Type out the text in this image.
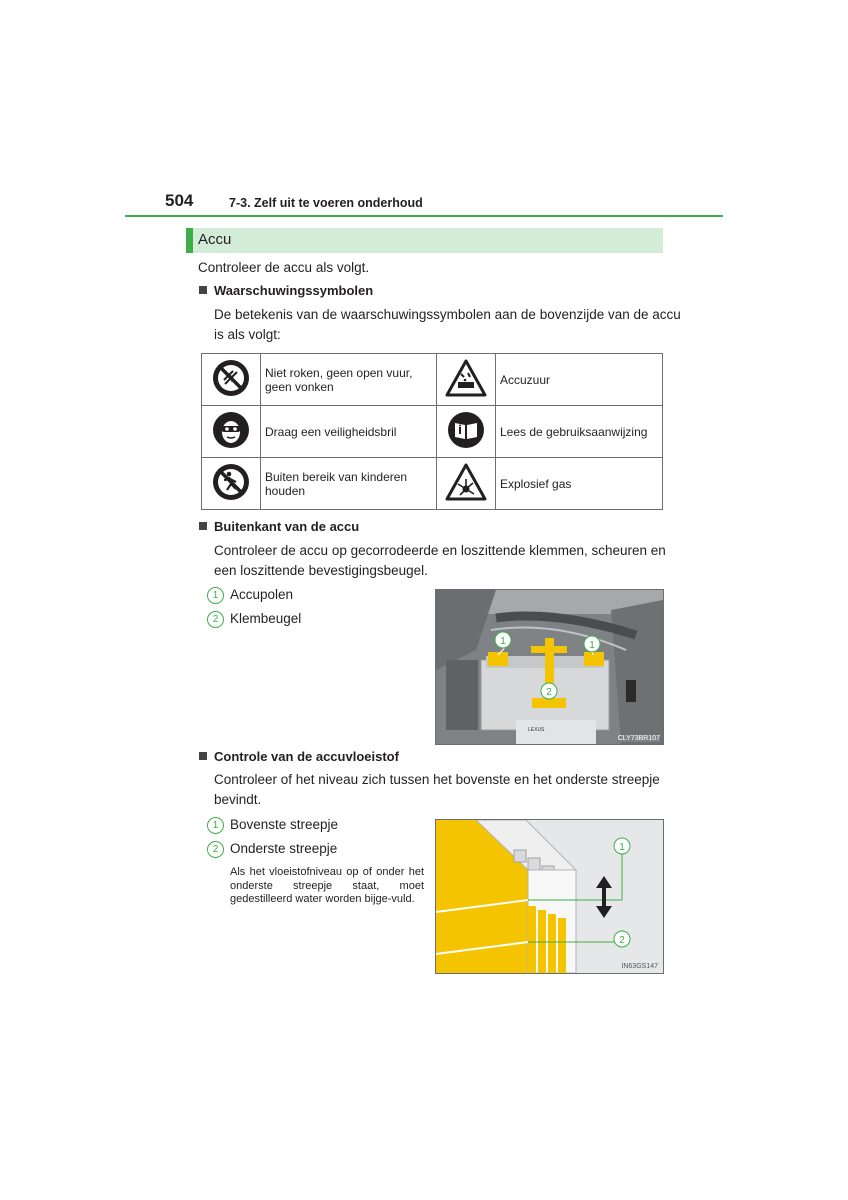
504	7-3. Zelf uit te voeren onderhoud
Accu
Controleer de accu als volgt.
Waarschuwingssymbolen
De betekenis van de waarschuwingssymbolen aan de bovenzijde van de accu
is als volgt:
	Niet roken, geen open vuur, geen vonken		Accuzuur
	Draag een veiligheidsbril		Lees de gebruiksaanwijzing
	Buiten bereik van kinderen houden		Explosief gas
Buitenkant van de accu
Controleer de accu op gecorrodeerde en loszittende klemmen, scheuren en
een loszittende bevestigingsbeugel.
1 Accupolen
2 Klembeugel
1	1
2
LEXUS
CLY73BR107
Controle van de accuvloeistof
Controleer of het niveau zich tussen het bovenste en het onderste streepje
bevindt.
1 Bovenste streepje
2 Onderste streepje
Als het vloeistofniveau op of onder het onderste streepje staat, moet gedestilleerd water worden bijge-vuld.
1
2
IN63GS147
